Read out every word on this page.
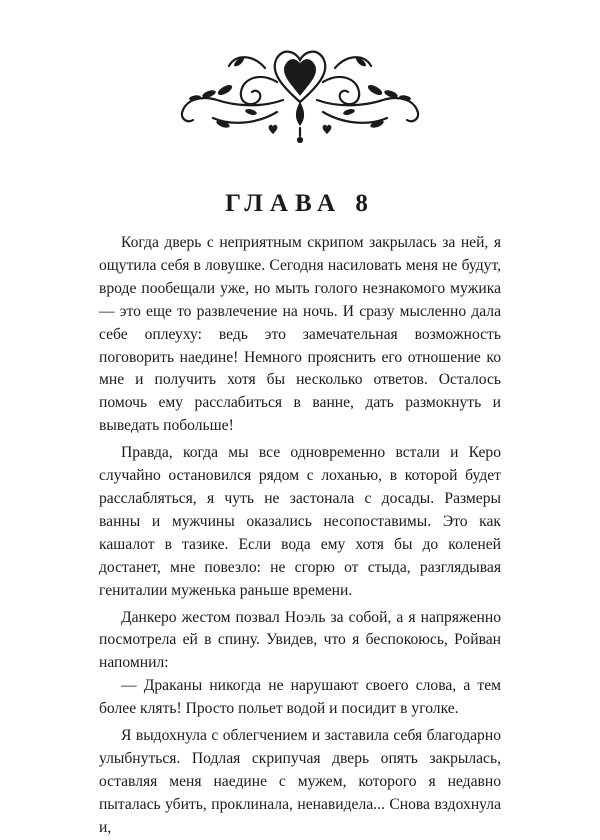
ГЛАВА 8

Когда дверь с неприятным скрипом закрылась за ней, я ощутила себя в ловушке. Сегодня насиловать меня не будут, вроде пообещали уже, но мыть голого незнакомого мужика — это еще то развлечение на ночь. И сразу мысленно дала себе оплеуху: ведь это замечательная возможность поговорить наедине! Немного прояснить его отношение ко мне и получить хотя бы несколько ответов. Осталось помочь ему расслабиться в ванне, дать размокнуть и выведать побольше!

Правда, когда мы все одновременно встали и Керо случайно остановился рядом с лоханью, в которой будет расслабляться, я чуть не застонала с досады. Размеры ванны и мужчины оказались несопоставимы. Это как кашалот в тазике. Если вода ему хотя бы до коленей достанет, мне повезло: не сгорю от стыда, разглядывая гениталии муженька раньше времени.

Данкеро жестом позвал Ноэль за собой, а я напряженно посмотрела ей в спину. Увидев, что я беспокоюсь, Ройван напомнил:

— Драканы никогда не нарушают своего слова, а тем более клять! Просто польет водой и посидит в уголке.

Я выдохнула с облегчением и заставила себя благодарно улыбнуться. Подлая скрипучая дверь опять закрылась, оставляя меня наедине с мужем, которого я недавно пыталась убить, проклинала, ненавидела... Снова вздохнула и,
